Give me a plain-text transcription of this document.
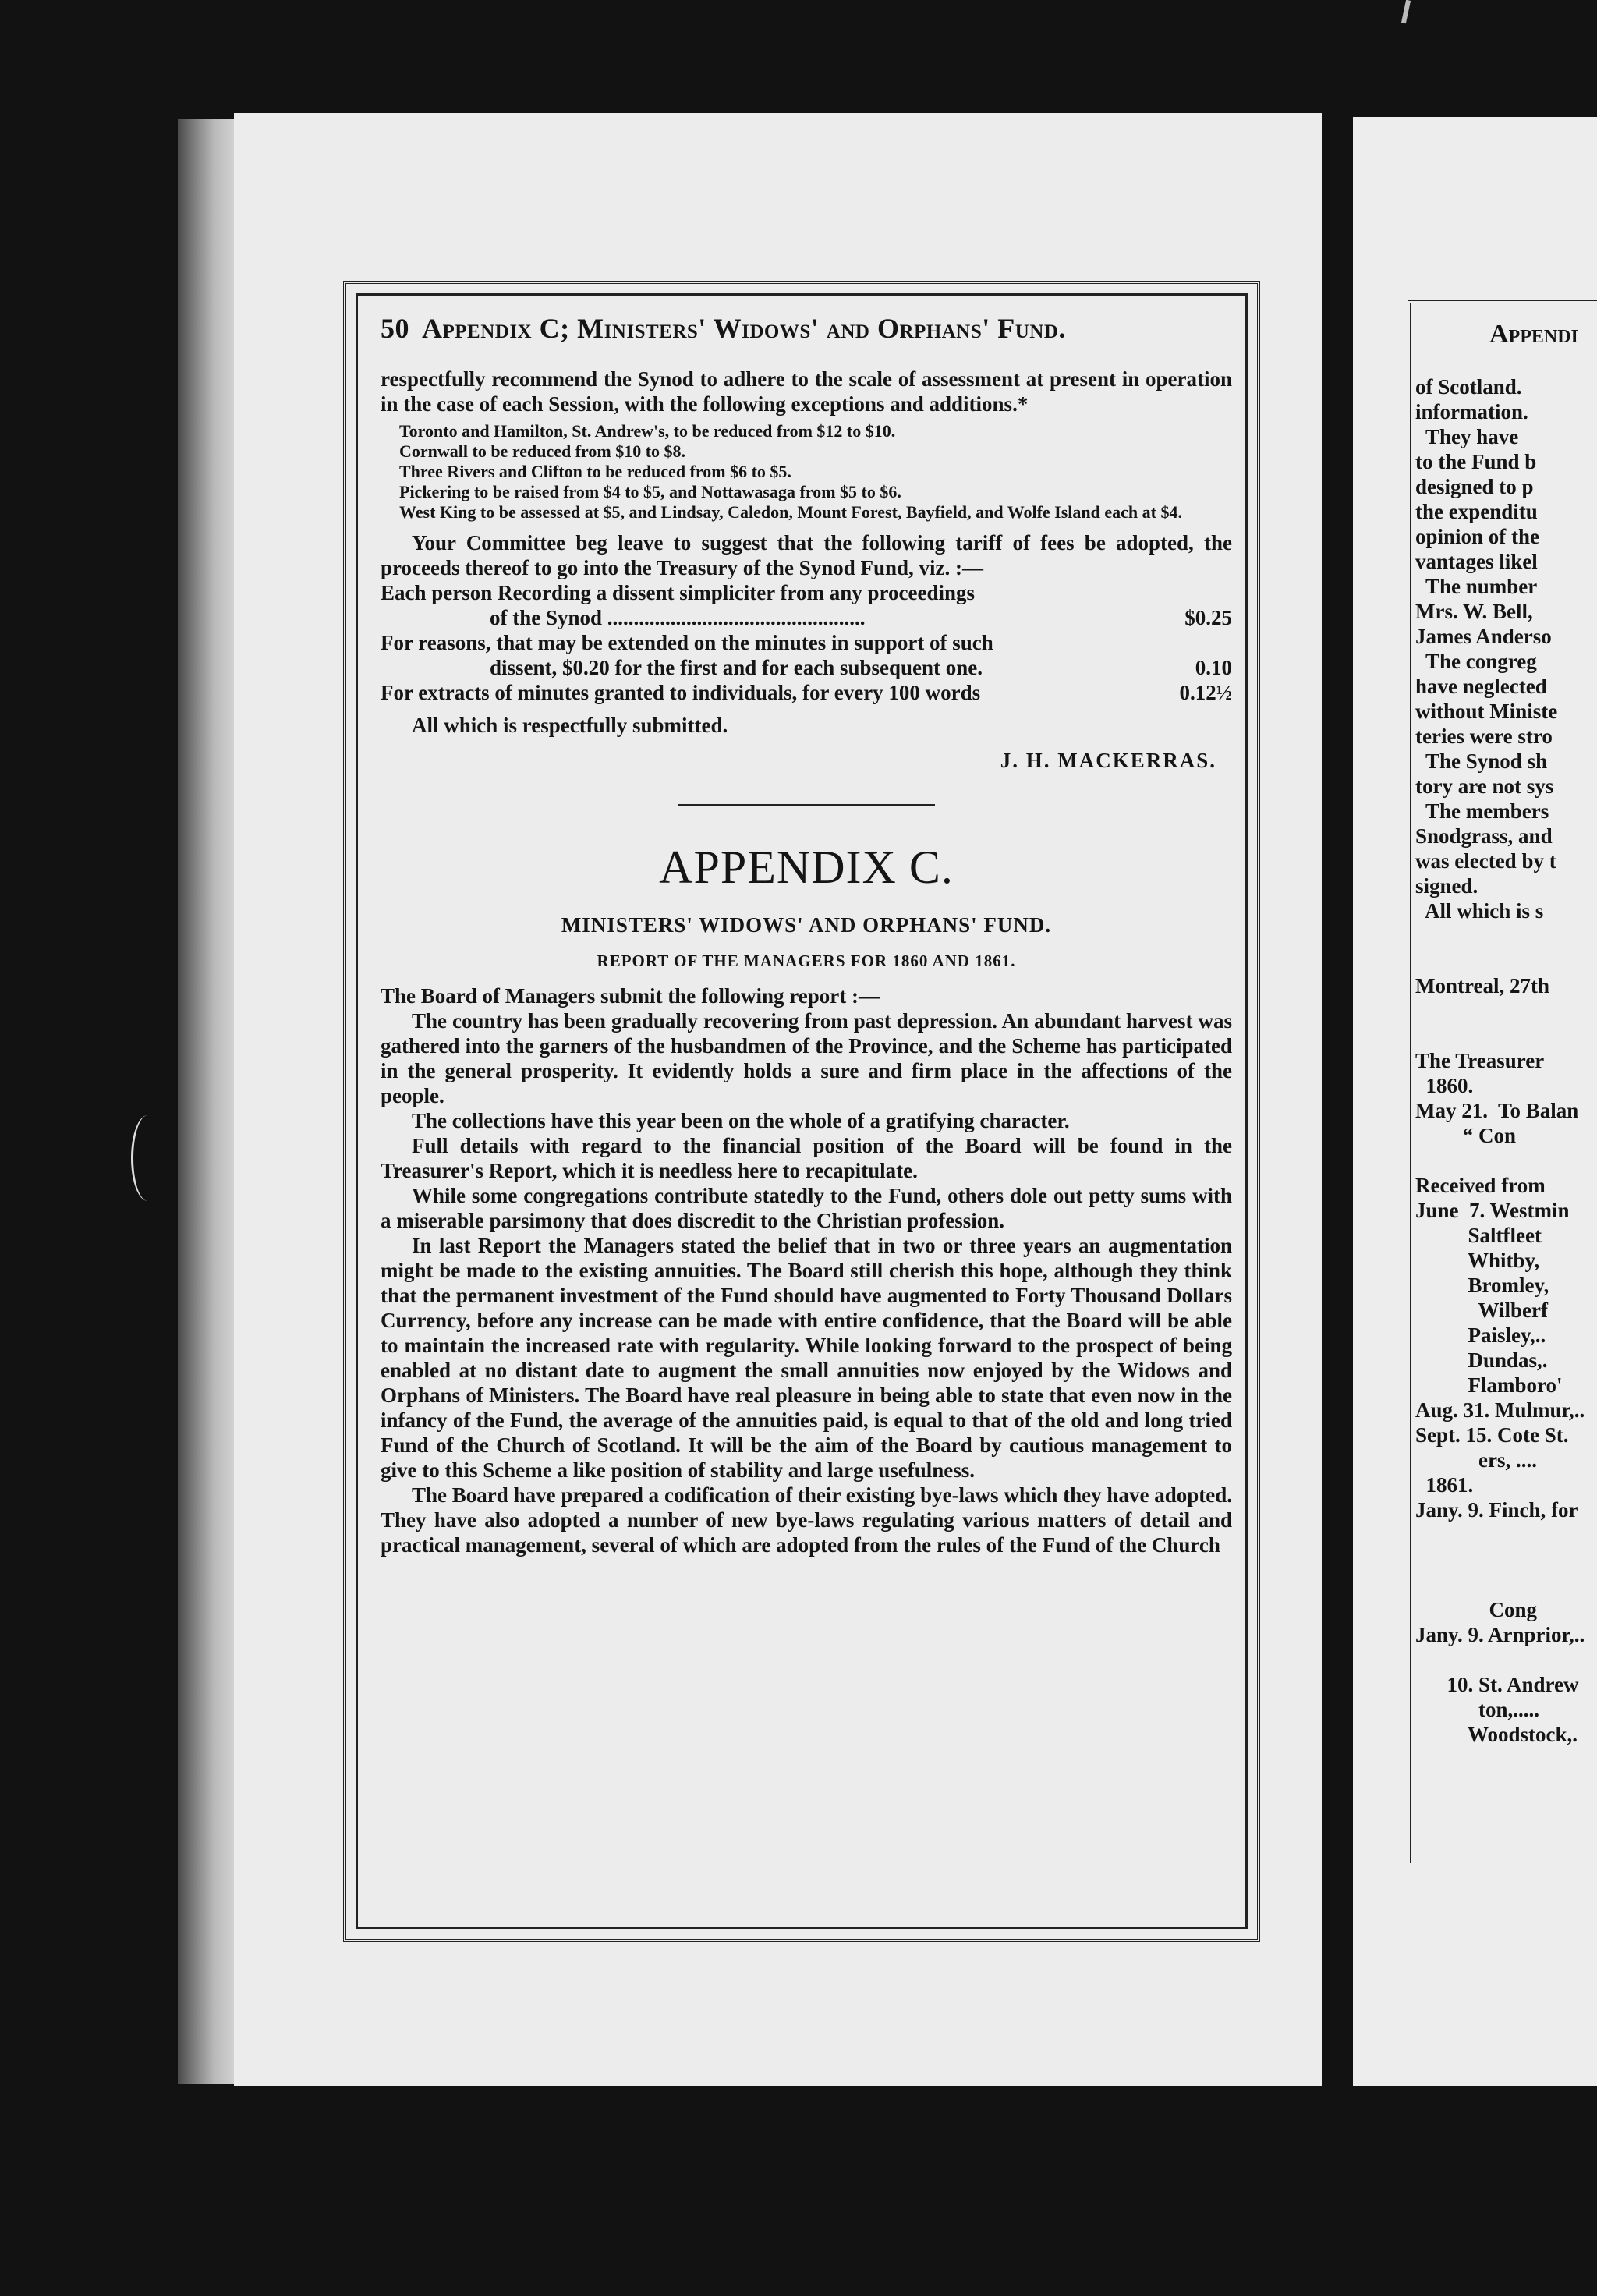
50 Appendix C; Ministers' Widows' and Orphans' Fund.

respectfully recommend the Synod to adhere to the scale of assessment at present in operation in the case of each Session, with the following exceptions and additions.*

Toronto and Hamilton, St. Andrew's, to be reduced from $12 to $10.
Cornwall to be reduced from $10 to $8.
Three Rivers and Clifton to be reduced from $6 to $5.
Pickering to be raised from $4 to $5, and Nottawasaga from $5 to $6.
West King to be assessed at $5, and Lindsay, Caledon, Mount Forest, Bayfield, and Wolfe Island each at $4.

Your Committee beg leave to suggest that the following tariff of fees be adopted, the proceeds thereof to go into the Treasury of the Synod Fund, viz. :—

Each person Recording a dissent simpliciter from any proceedings
of the Synod .................................................	$0.25
For reasons, that may be extended on the minutes in support of such
dissent, $0.20 for the first and for each subsequent one.	0.10
For extracts of minutes granted to individuals, for every 100 words	0.12½

All which is respectfully submitted.

J. H. MACKERRAS.
APPENDIX C.
MINISTERS' WIDOWS' AND ORPHANS' FUND.
REPORT OF THE MANAGERS FOR 1860 AND 1861.

The Board of Managers submit the following report :—

The country has been gradually recovering from past depression. An abundant harvest was gathered into the garners of the husbandmen of the Province, and the Scheme has participated in the general prosperity. It evidently holds a sure and firm place in the affections of the people.

The collections have this year been on the whole of a gratifying character.

Full details with regard to the financial position of the Board will be found in the Treasurer's Report, which it is needless here to recapitulate.

While some congregations contribute statedly to the Fund, others dole out petty sums with a miserable parsimony that does discredit to the Christian profession.

In last Report the Managers stated the belief that in two or three years an augmentation might be made to the existing annuities. The Board still cherish this hope, although they think that the permanent investment of the Fund should have augmented to Forty Thousand Dollars Currency, before any increase can be made with entire confidence, that the Board will be able to maintain the increased rate with regularity. While looking forward to the prospect of being enabled at no distant date to augment the small annuities now enjoyed by the Widows and Orphans of Ministers. The Board have real pleasure in being able to state that even now in the infancy of the Fund, the average of the annuities paid, is equal to that of the old and long tried Fund of the Church of Scotland. It will be the aim of the Board by cautious management to give to this Scheme a like position of stability and large usefulness.

The Board have prepared a codification of their existing bye-laws which they have adopted. They have also adopted a number of new bye-laws regulating various matters of detail and practical management, several of which are adopted from the rules of the Fund of the Church

Appendi
of Scotland.
information.
They have
to the Fund b
designed to p
the expenditu
opinion of the
vantages likel
The number
Mrs. W. Bell,
James Anderso
The congreg
have neglected
without Ministe
teries were stro
The Synod sh
tory are not sys
The members
Snodgrass, and
was elected by t
signed.
All which is s

Montreal, 27th

The Treasurer
1860.
May 21.  To Balan
“ Con

Received from
June  7. Westmin
Saltfleet
Whitby,
Bromley,
Wilberf
Paisley,..
Dundas,.
Flamboro'
Aug. 31. Mulmur,..
Sept. 15. Cote St.
ers, ....
1861.
Jany. 9. Finch, for

Cong
Jany. 9. Arnprior,..

10. St. Andrew
ton,.....
Woodstock,.
